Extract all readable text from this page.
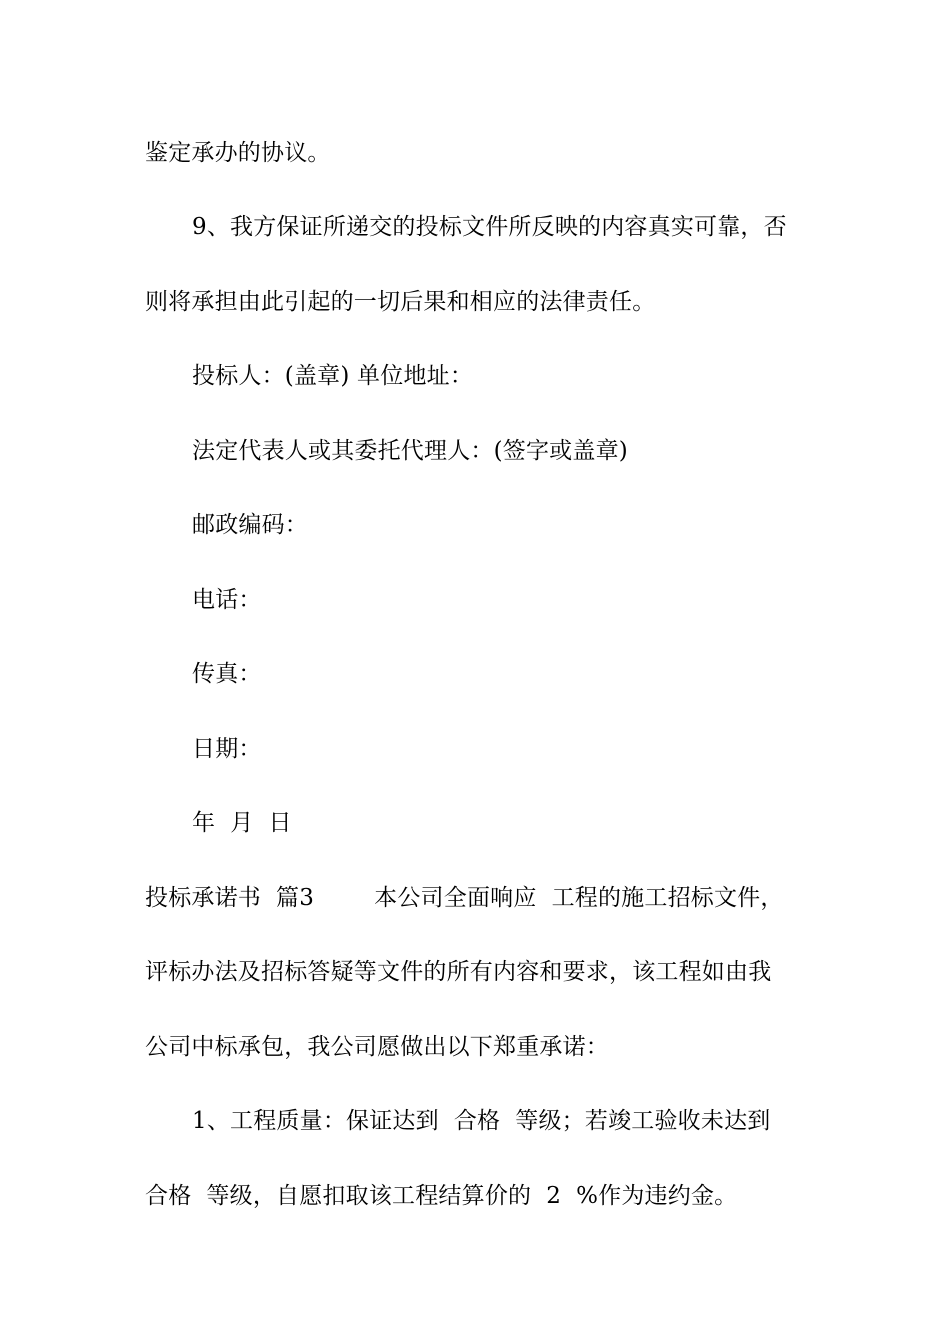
鉴定承办的协议。
9、我方保证所递交的投标文件所反映的内容真实可靠，否
则将承担由此引起的一切后果和相应的法律责任。
投标人：(盖章) 单位地址：
法定代表人或其委托代理人：(签字或盖章)
邮政编码：
电话：
传真：
日期：
年  月  日
投标承诺书  篇3        本公司全面响应  工程的施工招标文件，
评标办法及招标答疑等文件的所有内容和要求，该工程如由我
公司中标承包，我公司愿做出以下郑重承诺：
1、工程质量：保证达到  合格  等级；若竣工验收未达到
合格  等级，自愿扣取该工程结算价的  2  %作为违约金。
